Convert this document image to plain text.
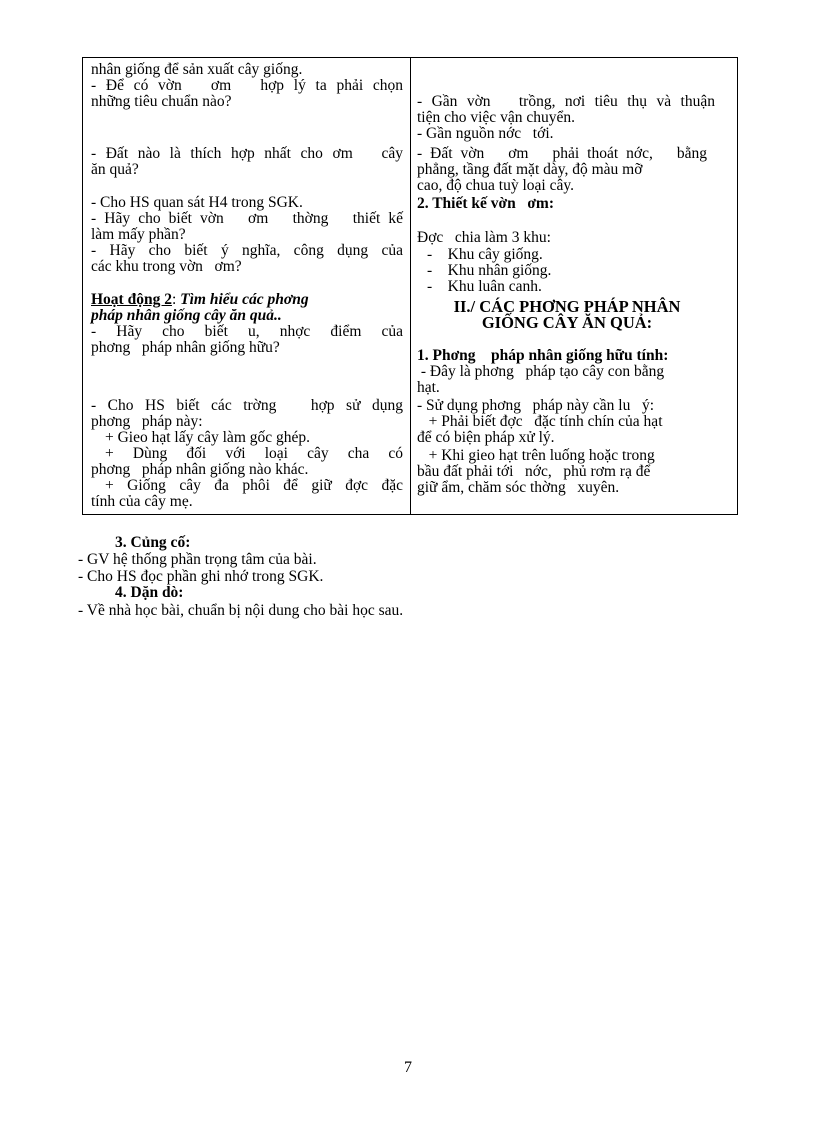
nhân giống để sản xuất cây giống.
- Để có vờn   ơm   hợp lý ta phải chọn
những tiêu chuẩn nào?
- Đất nào là thích hợp nhất cho ơm   cây
ăn quả?
- Cho HS quan sát H4 trong SGK.
- Hãy cho biết vờn   ơm   thờng   thiết kế
làm mấy phần?
- Hãy cho biết ý nghĩa, công dụng của
các khu trong vờn   ơm?
Hoạt động 2: Tìm hiểu các phơng
pháp nhân giống cây ăn quả..
- Hãy cho biết u, nhợc điểm của
phơng   pháp nhân giống hữu?
- Cho HS biết các trờng   hợp sử dụng
phơng   pháp này:
+ Gieo hạt lấy cây làm gốc ghép.
+ Dùng đối với loại cây cha có
phơng   pháp nhân giống nào khác.
+ Giống cây đa phôi để giữ đợc đặc
tính của cây mẹ.
- Gần vờn   trồng, nơi tiêu thụ và thuận
tiện cho việc vận chuyển.
- Gần nguồn nớc   tới.
- Đất vờn   ơm   phải thoát nớc,   bằng
phẳng, tầng đất mặt dày, độ màu mỡ
cao, độ chua tuỳ loại cây.
2. Thiết kế vờn   ơm:
Đợc   chia làm 3 khu:
-    Khu cây giống.
-    Khu nhân giống.
-    Khu luân canh.
II./ CÁC PHƠNG PHÁP NHÂN
GIỐNG CÂY ĂN QUẢ:
1. Phơng    pháp nhân giống hữu tính:
- Đây là phơng   pháp tạo cây con bằng
hạt.
- Sử dụng phơng   pháp này cần lu   ý:
+ Phải biết đợc   đặc tính chín của hạt
để có biện pháp xử lý.
+ Khi gieo hạt trên luống hoặc trong
bầu đất phải tới   nớc,   phủ rơm rạ để
giữ ẩm, chăm sóc thờng   xuyên.
3. Củng cố:
- GV hệ thống phần trọng tâm của bài.
- Cho HS đọc phần ghi nhớ trong SGK.
4. Dặn dò:
- Về nhà học bài, chuẩn bị nội dung cho bài học sau.
7
